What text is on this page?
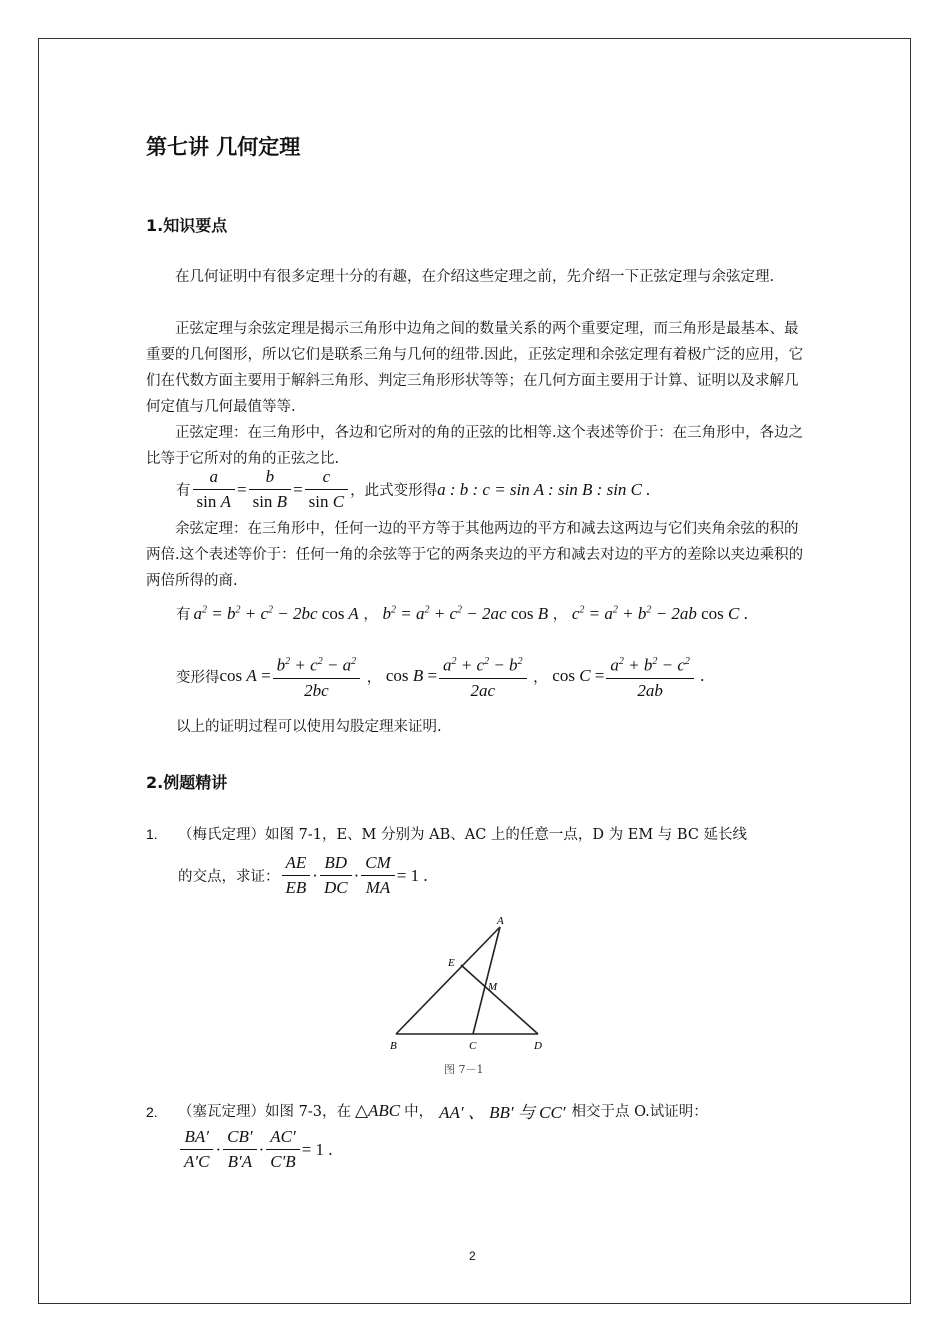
第七讲 几何定理
1.知识要点
在几何证明中有很多定理十分的有趣，在介绍这些定理之前，先介绍一下正弦定理与余弦定理.
正弦定理与余弦定理是揭示三角形中边角之间的数量关系的两个重要定理，而三角形是最基本、最重要的几何图形，所以它们是联系三角与几何的纽带.因此，正弦定理和余弦定理有着极广泛的应用，它们在代数方面主要用于解斜三角形、判定三角形形状等等；在几何方面主要用于计算、证明以及求解几何定值与几何最值等等.
正弦定理：在三角形中，各边和它所对的角的正弦的比相等.这个表述等价于：在三角形中，各边之比等于它所对的角的正弦之比.
有 $\frac{a}{\text{sin A}} = \frac{b}{\text{sin B}} = \frac{c}{\text{sin C}}$ ，此式变形得 a : b : c = sin A : sin B : sin C .
余弦定理：在三角形中，任何一边的平方等于其他两边的平方和减去这两边与它们夹角余弦的积的两倍.这个表述等价于：任何一角的余弦等于它的两条夹边的平方和减去对边的平方的差除以夹边乘积的两倍所得的商.
有 $a^2 = b^2 + c^2 - 2bc$ cos A ， $b^2 = a^2 + c^2 - 2ac$ cos B ， $c^2 = a^2 + b^2 - 2ab$ cos C .
变形得 $\cos A = \frac{b^2 + c^2 - a^2}{2bc}$ ， $\cos B = \frac{a^2 + c^2 - b^2}{2ac}$ ， $\cos C = \frac{a^2 + b^2 - c^2}{2ab}$ .
以上的证明过程可以使用勾股定理来证明.
2.例题精讲
1. （梅氏定理）如图 7-1，E、M 分别为 AB、AC 上的任意一点，D 为 EM 与 BC 延长线
的交点，求证： $\frac{AE}{EB} \cdot \frac{BD}{DC} \cdot \frac{CM}{MA} = 1$ .
A
E
M
B	C	D
图 7－1
2. （塞瓦定理）如图 7-3，在 △ABC 中， AA′ 、 BB′ 与 CC′ 相交于点 O.试证明：
$\frac{BA'}{A'C} \cdot \frac{CB'}{B'A} \cdot \frac{AC'}{C'B} = 1$ .
2
